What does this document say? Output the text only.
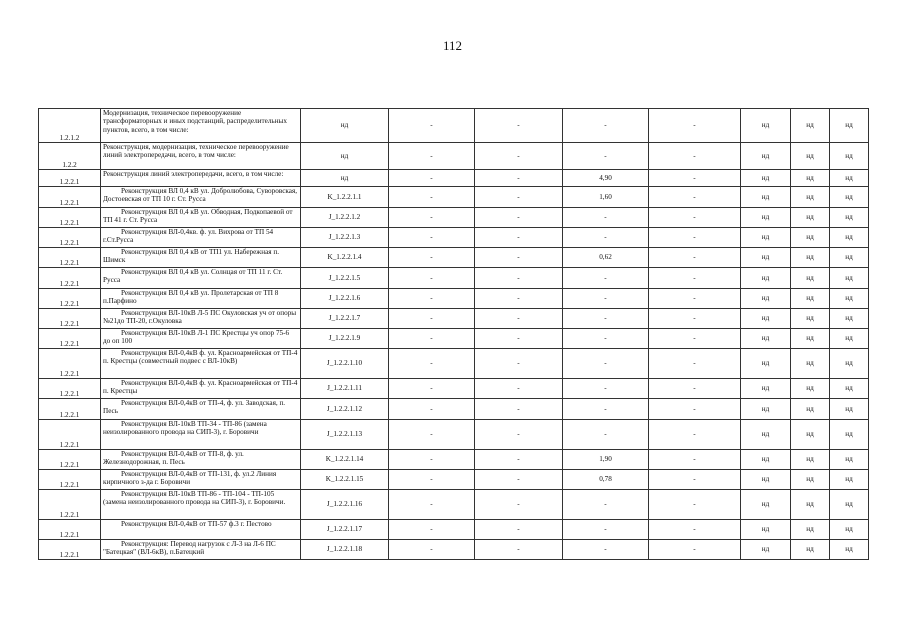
112
1.2.1.2	Модернизация, техническое перевооружение трансформаторных и иных подстанций, распределительных пунктов, всего, в том числе:	нд	-	-	-	-	нд	нд	нд
1.2.2	Реконструкция, модернизация, техническое перевооружение линий электропередачи, всего, в том числе:	нд	-	-	-	-	нд	нд	нд
1.2.2.1	Реконструкция линий электропередачи, всего, в том числе:	нд	-	-	4,90	-	нд	нд	нд
1.2.2.1	Реконструкция ВЛ 0,4 кВ ул. Добролюбова, Суворовская, Достоевская от ТП 10 г. Ст. Русса	K_1.2.2.1.1	-	-	1,60	-	нд	нд	нд
1.2.2.1	Реконструкция ВЛ 0,4 кВ ул. Обводная, Подкопаевой от ТП 41 г. Ст. Русса	J_1.2.2.1.2	-	-	-	-	нд	нд	нд
1.2.2.1	Реконструкция ВЛ-0,4кв. ф. ул. Вихрова от ТП 54 г.Ст.Русса	J_1.2.2.1.3	-	-	-	-	нд	нд	нд
1.2.2.1	Реконструкция ВЛ 0,4 кВ от ТП1 ул. Набережная п. Шимск	K_1.2.2.1.4	-	-	0,62	-	нд	нд	нд
1.2.2.1	Реконструкция ВЛ 0,4 кВ ул. Солнцая от ТП 11 г. Ст. Русса	J_1.2.2.1.5	-	-	-	-	нд	нд	нд
1.2.2.1	Реконструкция ВЛ 0,4 кВ ул. Пролетарская от ТП 8 п.Парфино	J_1.2.2.1.6	-	-	-	-	нд	нд	нд
1.2.2.1	Реконструкция ВЛ-10кВ Л-5 ПС Окуловская уч от опоры №21до ТП-20, г.Окуловка	J_1.2.2.1.7	-	-	-	-	нд	нд	нд
1.2.2.1	Реконструкция ВЛ-10кВ Л-1 ПС Крестцы уч опор 75-6 до оп 100	J_1.2.2.1.9	-	-	-	-	нд	нд	нд
1.2.2.1	Реконструкция ВЛ-0,4кВ ф. ул. Красноармейская от ТП-4 п. Крестцы (совместный подвес с ВЛ-10кВ)	J_1.2.2.1.10	-	-	-	-	нд	нд	нд
1.2.2.1	Реконструкция ВЛ-0,4кВ ф. ул. Красноармейская от ТП-4 п. Крестцы	J_1.2.2.1.11	-	-	-	-	нд	нд	нд
1.2.2.1	Реконструкция ВЛ-0,4кВ от ТП-4, ф. ул. Заводская, п. Песь	J_1.2.2.1.12	-	-	-	-	нд	нд	нд
1.2.2.1	Реконструкция ВЛ-10кВ ТП-34 - ТП-86 (замена неизолированного провода на СИП-3), г. Боровичи	J_1.2.2.1.13	-	-	-	-	нд	нд	нд
1.2.2.1	Реконструкция ВЛ-0,4кВ от ТП-8, ф. ул. Железнодорожная, п. Песь	K_1.2.2.1.14	-	-	1,90	-	нд	нд	нд
1.2.2.1	Реконструкция ВЛ-0,4кВ от ТП-131, ф. ул.2 Линия кирпичного з-да г. Боровичи	K_1.2.2.1.15	-	-	0,78	-	нд	нд	нд
1.2.2.1	Реконструкция ВЛ-10кВ ТП-86 - ТП-104 - ТП-105 (замена неизолированного провода на СИП-3), г. Боровичи.	J_1.2.2.1.16	-	-	-	-	нд	нд	нд
1.2.2.1	Реконструкция ВЛ-0,4кВ от ТП-57 ф.3 г. Пестово	J_1.2.2.1.17	-	-	-	-	нд	нд	нд
1.2.2.1	Реконструкция: Перевод нагрузок с Л-3 на Л-6 ПС "Батецкая" (ВЛ-6кВ), п.Батецкий	J_1.2.2.1.18	-	-	-	-	нд	нд	нд
